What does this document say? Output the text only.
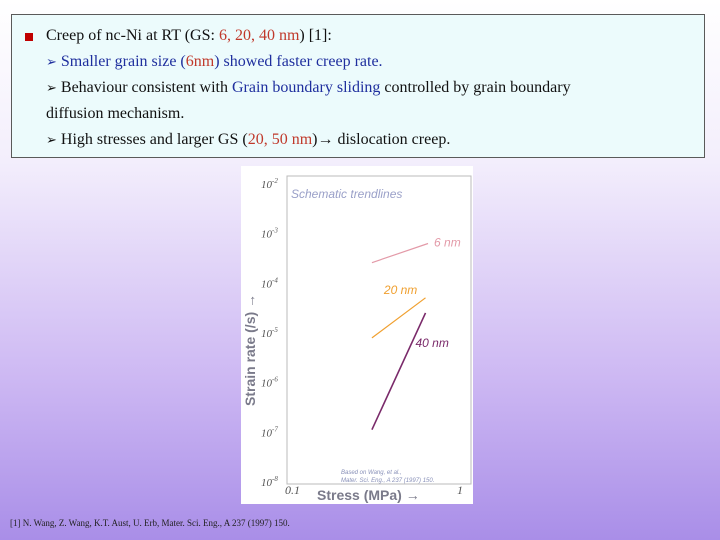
Creep of nc-Ni at RT (GS: 6, 20, 40 nm) [1]:
➢ Smaller grain size (6nm) showed faster creep rate.
➢ Behaviour consistent with Grain boundary sliding controlled by grain boundary
diffusion mechanism.
➢ High stresses and larger GS (20, 50 nm)→ dislocation creep.
Schematic trendlines
Strain rate (/s) →
Stress (MPa) →
$10^{-2}$
$10^{-3}$
$10^{-4}$
$10^{-5}$
$10^{-6}$
$10^{-7}$
$10^{-8}$
0.1	1
6 nm
20 nm
40 nm
Based on Wang, et al.,
Mater. Sci. Eng., A 237 (1997) 150.
[1] N. Wang, Z. Wang, K.T. Aust, U. Erb, Mater. Sci. Eng., A 237 (1997) 150.
